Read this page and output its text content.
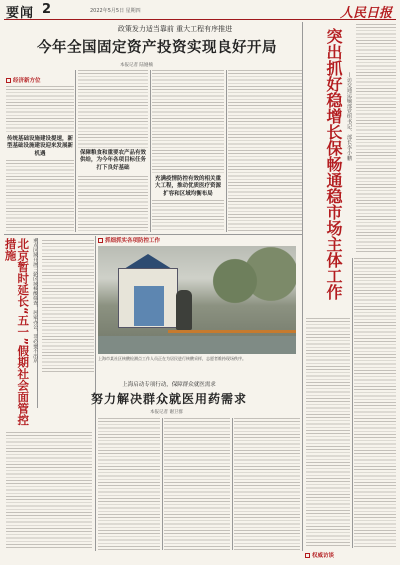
要闻 2	2022年5月5日 星期四	人民日报
政策发力适当靠前 重大工程有序推进
今年全国固定资产投资实现良好开局
本报记者 陆娅楠
经济新方位
传统基础设施建设提速，新型基础设施建设迎来发展新机遇	保障粮食和重要农产品有效供给，为今年各项目标任务打下良好基础
充满疫情防控有效的相关重大工程，推动优质医疗资源扩容和区域均衡布局	突出抓好稳增长保畅通稳市场主体工作 —访交通运输部党组书记、部长李小鹏
北京暂时延长“五一”假期社会面管控措施	重点区域开展三轮区域核酸筛查，居家办公，非必要不出京	抓细抓实各项防控工作
上海市某社区核酸检测点工作人员正在为居民进行核酸采样，志愿者维持现场秩序。
上海启动专项行动，保障群众就医需求
努力解决群众就医用药需求
本报记者 谢卫群
权威访谈
